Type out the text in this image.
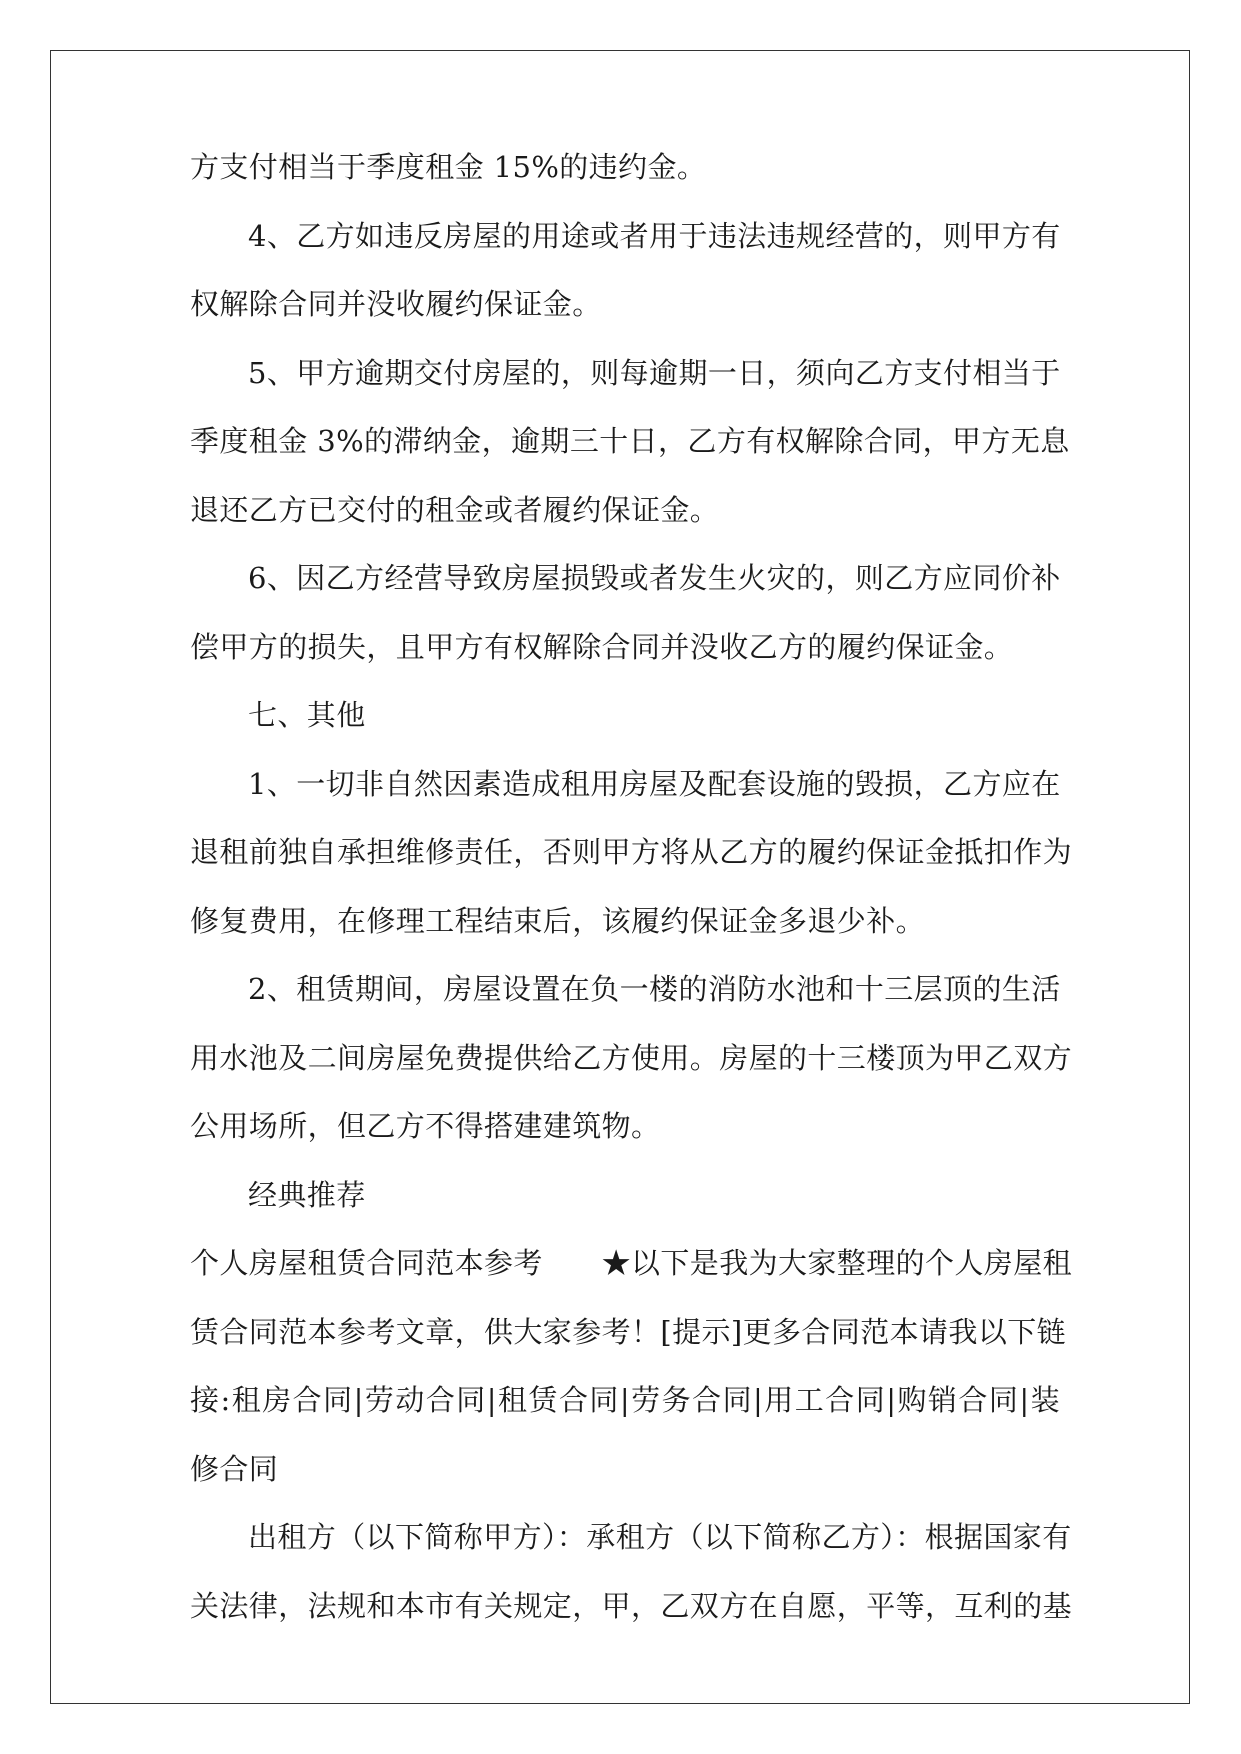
方支付相当于季度租金 15%的违约金。
4、乙方如违反房屋的用途或者用于违法违规经营的，则甲方有
权解除合同并没收履约保证金。
5、甲方逾期交付房屋的，则每逾期一日，须向乙方支付相当于
季度租金 3%的滞纳金，逾期三十日，乙方有权解除合同，甲方无息
退还乙方已交付的租金或者履约保证金。
6、因乙方经营导致房屋损毁或者发生火灾的，则乙方应同价补
偿甲方的损失，且甲方有权解除合同并没收乙方的履约保证金。
七、其他
1、一切非自然因素造成租用房屋及配套设施的毁损，乙方应在
退租前独自承担维修责任，否则甲方将从乙方的履约保证金抵扣作为
修复费用，在修理工程结束后，该履约保证金多退少补。
2、租赁期间，房屋设置在负一楼的消防水池和十三层顶的生活
用水池及二间房屋免费提供给乙方使用。房屋的十三楼顶为甲乙双方
公用场所，但乙方不得搭建建筑物。
经典推荐
个人房屋租赁合同范本参考　　★以下是我为大家整理的个人房屋租
赁合同范本参考文章，供大家参考！[提示]更多合同范本请我以下链
接:租房合同|劳动合同|租赁合同|劳务合同|用工合同|购销合同|装
修合同
出租方（以下简称甲方）：承租方（以下简称乙方）：根据国家有
关法律，法规和本市有关规定，甲，乙双方在自愿，平等，互利的基
